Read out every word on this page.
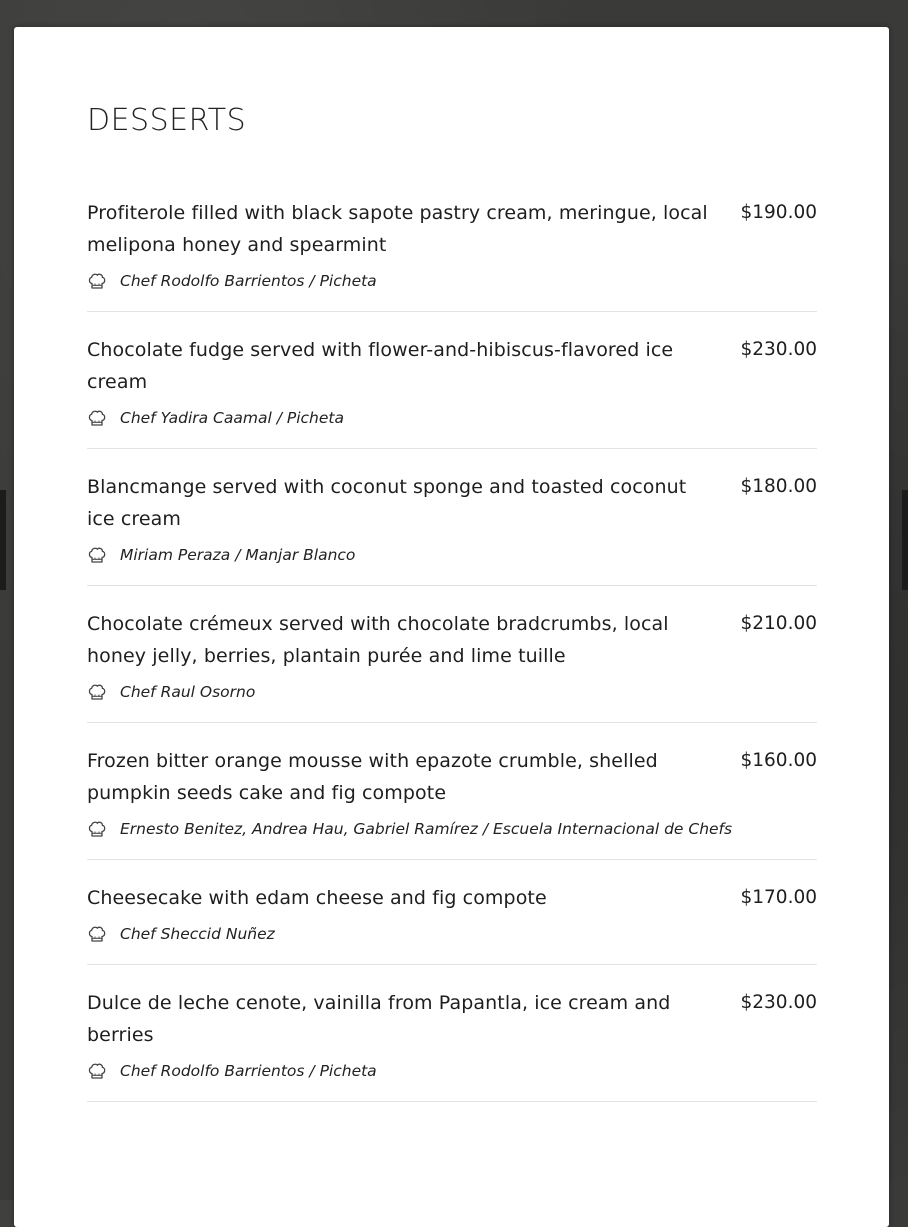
DESSERTS
Profiterole filled with black sapote pastry cream, meringue, local melipona honey and spearmint
$190.00
Chef Rodolfo Barrientos / Picheta
Chocolate fudge served with flower-and-hibiscus-flavored ice cream
$230.00
Chef Yadira Caamal / Picheta
Blancmange served with coconut sponge and toasted coconut ice cream
$180.00
Miriam Peraza / Manjar Blanco
Chocolate crémeux served with chocolate bradcrumbs, local honey jelly, berries, plantain purée and lime tuille
$210.00
Chef Raul Osorno
Frozen bitter orange mousse with epazote crumble, shelled pumpkin seeds cake and fig compote
$160.00
Ernesto Benitez, Andrea Hau, Gabriel Ramírez / Escuela Internacional de Chefs
Cheesecake with edam cheese and fig compote	$170.00
Chef Sheccid Nuñez
Dulce de leche cenote, vainilla from Papantla, ice cream and berries
$230.00
Chef Rodolfo Barrientos / Picheta
